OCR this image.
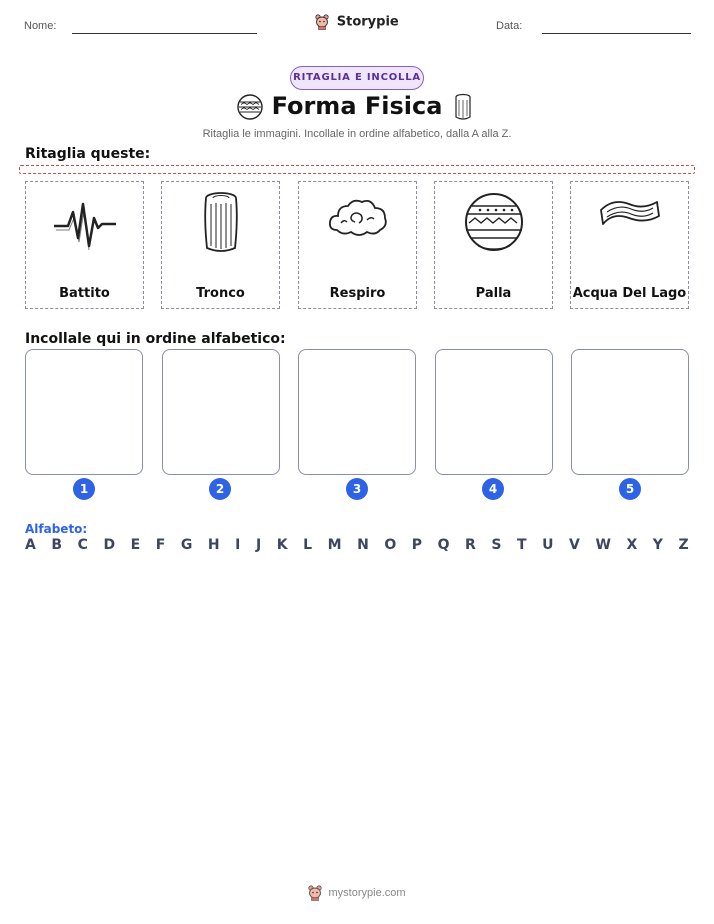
Nome:	Storypie	Data:
RITAGLIA E INCOLLA
Forma Fisica
Ritaglia le immagini. Incollale in ordine alfabetico, dalla A alla Z.
Ritaglia queste:
Battito	Tronco	Respiro	Palla	Acqua Del Lago
Incollale qui in ordine alfabetico:
1	2	3	4	5
Alfabeto:
A B C D E F G H I J K L M N O P Q R S T U V W X Y Z
mystorypie.com
